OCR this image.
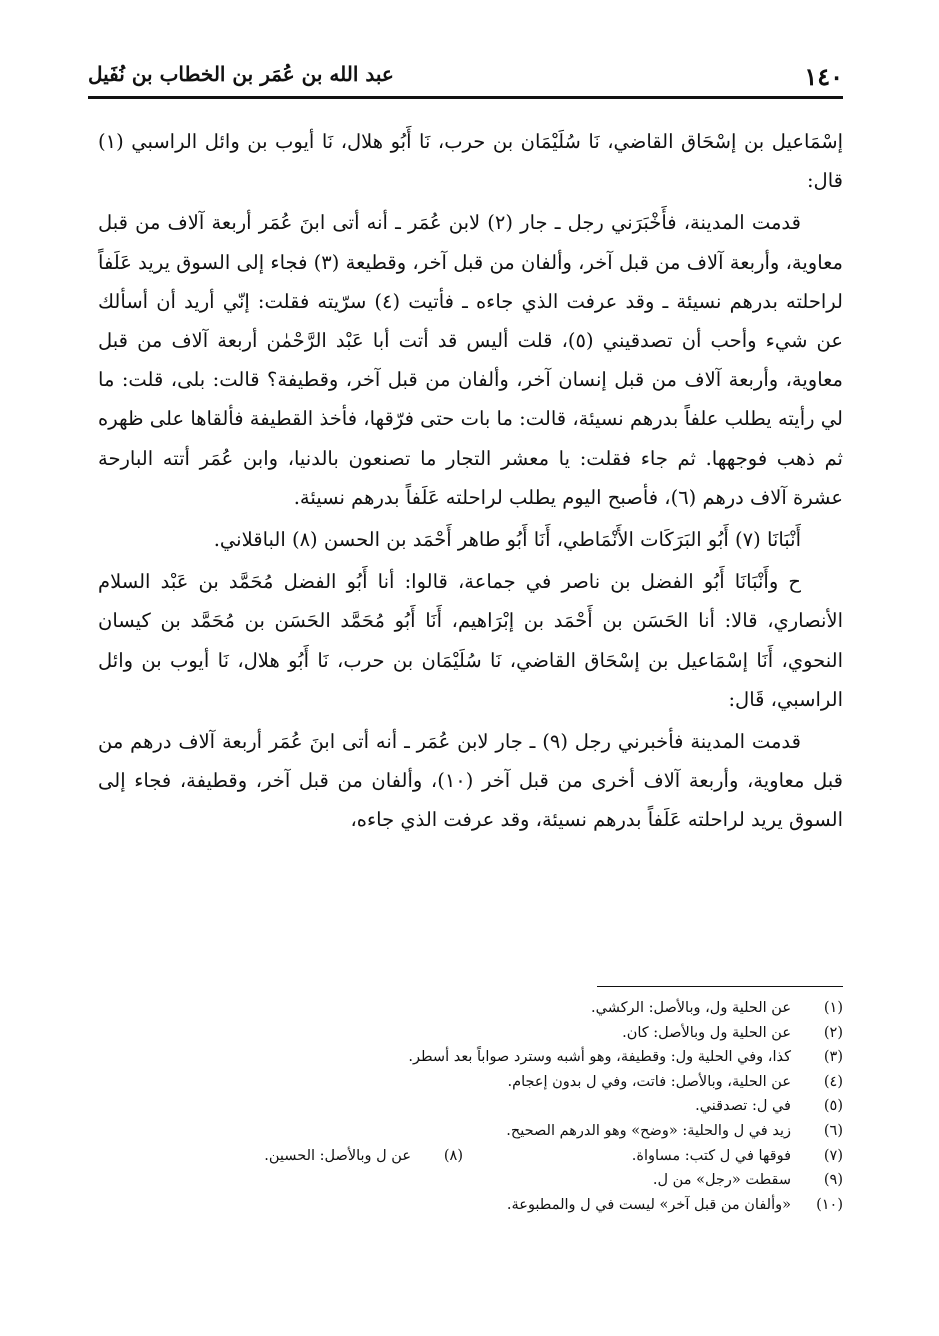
١٤٠
عبد الله بن عُمَر بن الخطاب بن نُفَيل

إسْمَاعيل بن إسْحَاق القاضي، نَا سُلَيْمَان بن حرب، نَا أَبُو هلال، نَا أيوب بن وائل الراسبي (١) قال:

قدمت المدينة، فأَخْبَرَني رجل ـ جار (٢) لابن عُمَر ـ أنه أتى ابنَ عُمَر أربعة آلاف من قبل معاوية، وأربعة آلاف من قبل آخر، وألفان من قبل آخر، وقطيعة (٣) فجاء إلى السوق يريد عَلَفاً لراحلته بدرهم نسيئة ـ وقد عرفت الذي جاءه ـ فأتيت (٤) سرّيته فقلت: إنّي أريد أن أسألك عن شيء وأحب أن تصدقيني (٥)، قلت أليس قد أتت أبا عَبْد الرَّحْمٰن أربعة آلاف من قبل معاوية، وأربعة آلاف من قبل إنسان آخر، وألفان من قبل آخر، وقطيفة؟ قالت: بلى، قلت: ما لي رأيته يطلب علفاً بدرهم نسيئة، قالت: ما بات حتى فرّقها، فأخذ القطيفة فألقاها على ظهره ثم ذهب فوجهها. ثم جاء فقلت: يا معشر التجار ما تصنعون بالدنيا، وابن عُمَر أتته البارحة عشرة آلاف درهم (٦)، فأصبح اليوم يطلب لراحلته عَلَفاً بدرهم نسيئة.

أَنْبَانَا (٧) أَبُو البَرَكَات الأَنْمَاطي، أَنَا أَبُو طاهر أَحْمَد بن الحسن (٨) الباقلاني.

ح وأَنْبَانَا أَبُو الفضل بن ناصر في جماعة، قالوا: أنا أَبُو الفضل مُحَمَّد بن عَبْد السلام الأنصاري، قالا: أنا الحَسَن بن أَحْمَد بن إبْرَاهيم، أَنَا أَبُو مُحَمَّد الحَسَن بن مُحَمَّد بن كيسان النحوي، أَنَا إسْمَاعيل بن إسْحَاق القاضي، نَا سُلَيْمَان بن حرب، نَا أَبُو هلال، نَا أيوب بن وائل الراسبي، قَال:

قدمت المدينة فأخبرني رجل (٩) ـ جار لابن عُمَر ـ أنه أتى ابنَ عُمَر أربعة آلاف درهم من قبل معاوية، وأربعة آلاف أخرى من قبل آخر (١٠)، وألفان من قبل آخر، وقطيفة، فجاء إلى السوق يريد لراحلته عَلَفاً بدرهم نسيئة، وقد عرفت الذي جاءه،

(١)
عن الحلية ول، وبالأصل: الركشي.
(٢)
عن الحلية ول وبالأصل: كان.
(٣)
كذا، وفي الحلية ول: وقطيفة، وهو أشبه وسترد صواباً بعد أسطر.
(٤)
عن الحلية، وبالأصل: فاتت، وفي ل بدون إعجام.
(٥)
في ل: تصدقني.
(٦)
زيد في ل والحلية: «وضح» وهو الدرهم الصحيح.
(٧)
فوقها في ل كتب: مساواة.
(٨)
عن ل وبالأصل: الحسين.
(٩)
سقطت «رجل» من ل.
(١٠)
«وألفان من قبل آخر» ليست في ل والمطبوعة.
